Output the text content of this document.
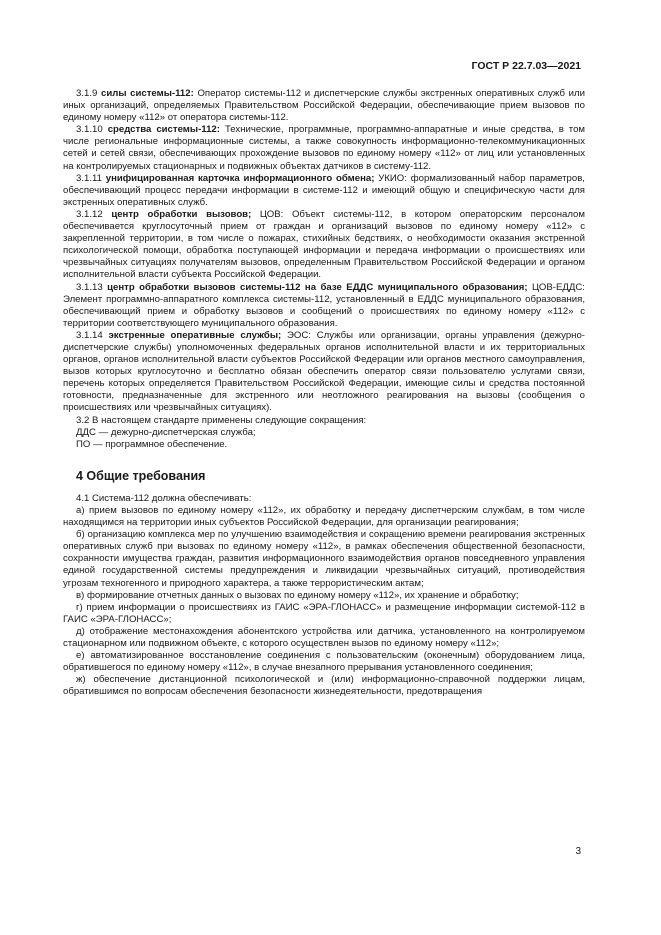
ГОСТ Р 22.7.03—2021

3.1.9 силы системы-112: Оператор системы-112 и диспетчерские службы экстренных оперативных служб или иных организаций, определяемых Правительством Российской Федерации, обеспечивающие прием вызовов по единому номеру «112» от оператора системы-112.

3.1.10 средства системы-112: Технические, программные, программно-аппаратные и иные средства, в том числе региональные информационные системы, а также совокупность информационно-телекоммуникационных сетей и сетей связи, обеспечивающих прохождение вызовов по единому номеру «112» от лиц или установленных на контролируемых стационарных и подвижных объектах датчиков в систему-112.

3.1.11 унифицированная карточка информационного обмена; УКИО: формализованный набор параметров, обеспечивающий процесс передачи информации в системе-112 и имеющий общую и специфическую части для экстренных оперативных служб.

3.1.12 центр обработки вызовов; ЦОВ: Объект системы-112, в котором операторским персоналом обеспечивается круглосуточный прием от граждан и организаций вызовов по единому номеру «112» с закрепленной территории, в том числе о пожарах, стихийных бедствиях, о необходимости оказания экстренной психологической помощи, обработка поступающей информации и передача информации о происшествиях или чрезвычайных ситуациях получателям вызовов, определенным Правительством Российской Федерации и органом исполнительной власти субъекта Российской Федерации.

3.1.13 центр обработки вызовов системы-112 на базе ЕДДС муниципального образования; ЦОВ-ЕДДС: Элемент программно-аппаратного комплекса системы-112, установленный в ЕДДС муниципального образования, обеспечивающий прием и обработку вызовов и сообщений о происшествиях по единому номеру «112» с территории соответствующего муниципального образования.

3.1.14 экстренные оперативные службы; ЭОС: Службы или организации, органы управления (дежурно-диспетчерские службы) уполномоченных федеральных органов исполнительной власти и их территориальных органов, органов исполнительной власти субъектов Российской Федерации или органов местного самоуправления, вызов которых круглосуточно и бесплатно обязан обеспечить оператор связи пользователю услугами связи, перечень которых определяется Правительством Российской Федерации, имеющие силы и средства постоянной готовности, предназначенные для экстренного или неотложного реагирования на вызовы (сообщения о происшествиях или чрезвычайных ситуациях).

3.2 В настоящем стандарте применены следующие сокращения:

ДДС — дежурно-диспетчерская служба;

ПО — программное обеспечение.

4 Общие требования

4.1 Система-112 должна обеспечивать:

а) прием вызовов по единому номеру «112», их обработку и передачу диспетчерским службам, в том числе находящимся на территории иных субъектов Российской Федерации, для организации реагирования;

б) организацию комплекса мер по улучшению взаимодействия и сокращению времени реагирования экстренных оперативных служб при вызовах по единому номеру «112», в рамках обеспечения общественной безопасности, сохранности имущества граждан, развития информационного взаимодействия органов повседневного управления единой государственной системы предупреждения и ликвидации чрезвычайных ситуаций, противодействия угрозам техногенного и природного характера, а также террористическим актам;

в) формирование отчетных данных о вызовах по единому номеру «112», их хранение и обработку;

г) прием информации о происшествиях из ГАИС «ЭРА-ГЛОНАСС» и размещение информации системой-112 в ГАИС «ЭРА-ГЛОНАСС»;

д) отображение местонахождения абонентского устройства или датчика, установленного на контролируемом стационарном или подвижном объекте, с которого осуществлен вызов по единому номеру «112»;

е) автоматизированное восстановление соединения с пользовательским (оконечным) оборудованием лица, обратившегося по единому номеру «112», в случае внезапного прерывания установленного соединения;

ж) обеспечение дистанционной психологической и (или) информационно-справочной поддержки лицам, обратившимся по вопросам обеспечения безопасности жизнедеятельности, предотвращения

3
